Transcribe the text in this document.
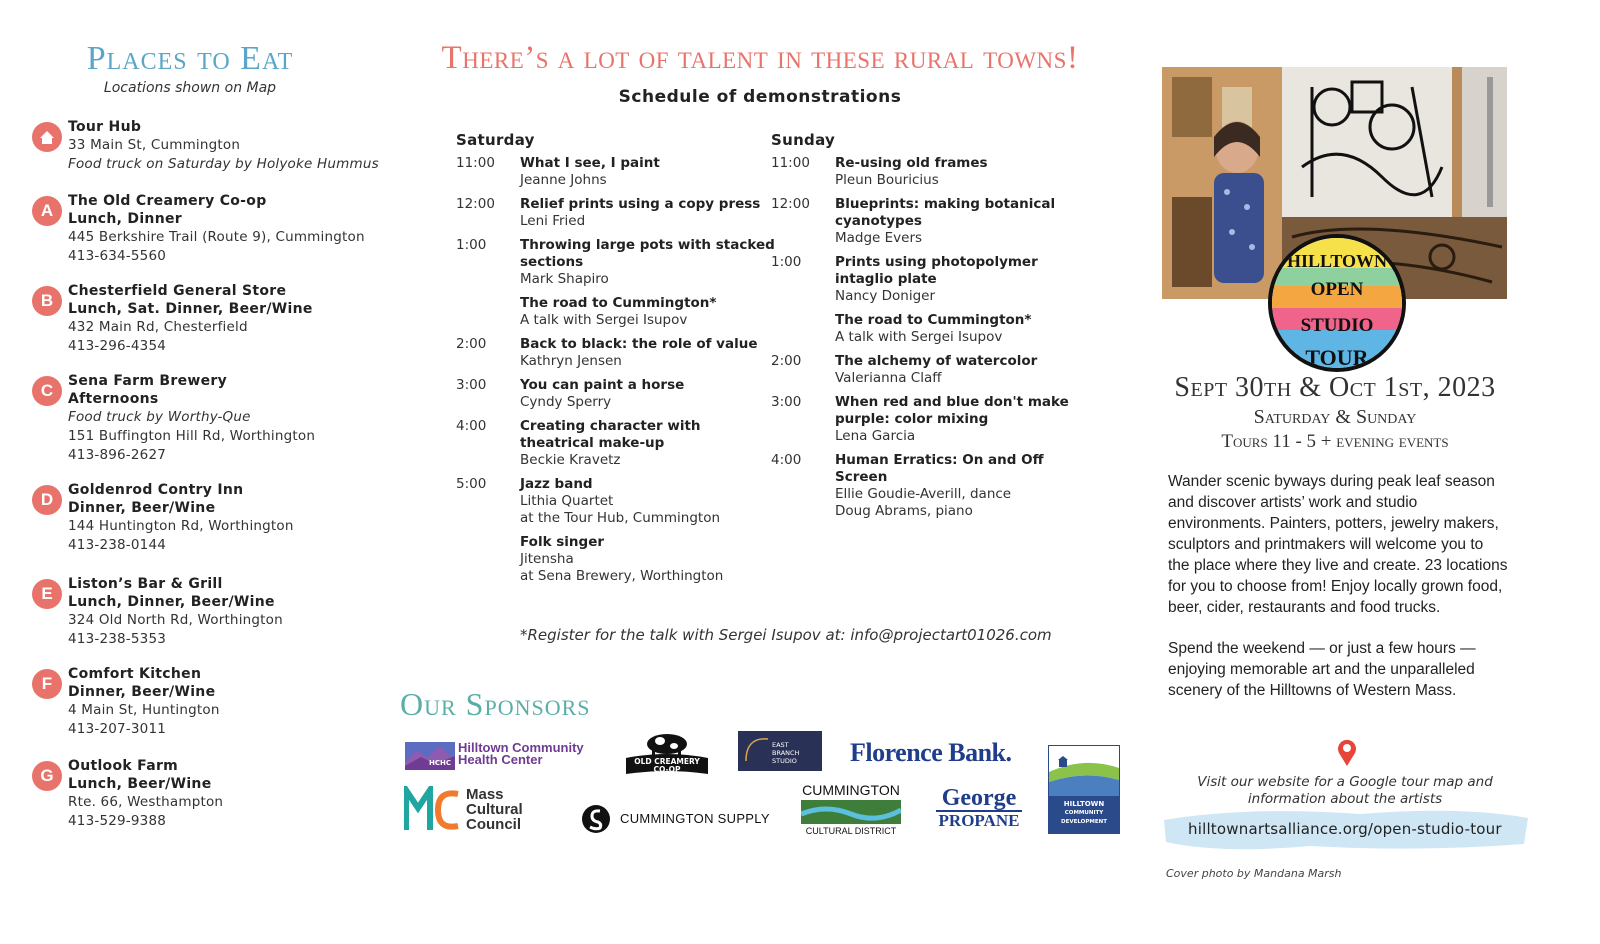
Places to Eat
Locations shown on Map
Tour Hub
33 Main St, Cummington
Food truck on Saturday by Holyoke Hummus
A	The Old Creamery Co-op
Lunch, Dinner
445 Berkshire Trail (Route 9), Cummington
413-634-5560
B	Chesterfield General Store
Lunch, Sat. Dinner, Beer/Wine
432 Main Rd, Chesterfield
413-296-4354
C	Sena Farm Brewery
Afternoons
Food truck by Worthy-Que
151 Buffington Hill Rd, Worthington
413-896-2627
D	Goldenrod Contry Inn
Dinner, Beer/Wine
144 Huntington Rd, Worthington
413-238-0144
E	Liston’s Bar & Grill
Lunch, Dinner, Beer/Wine
324 Old North Rd, Worthington
413-238-5353
F	Comfort Kitchen
Dinner, Beer/Wine
4 Main St, Huntington
413-207-3011
G	Outlook Farm
Lunch, Beer/Wine
Rte. 66, Westhampton
413-529-9388
There’s a lot of talent in these rural towns!
Schedule of demonstrations
Saturday
11:00	What I see, I paint
Jeanne Johns
12:00	Relief prints using a copy press
Leni Fried
1:00	Throwing large pots with stacked sections
Mark Shapiro
The road to Cummington*
A talk with Sergei Isupov
2:00	Back to black: the role of value
Kathryn Jensen
3:00	You can paint a horse
Cyndy Sperry
4:00	Creating character with theatrical make-up
Beckie Kravetz
5:00	Jazz band
Lithia Quartet
at the Tour Hub, Cummington
Folk singer
Jitensha
at Sena Brewery, Worthington
Sunday
11:00	Re-using old frames
Pleun Bouricius
12:00	Blueprints: making botanical cyanotypes
Madge Evers
1:00	Prints using photopolymer intaglio plate
Nancy Doniger
The road to Cummington*
A talk with Sergei Isupov
2:00	The alchemy of watercolor
Valerianna Claff
3:00	When red and blue don't make purple: color mixing
Lena Garcia
4:00	Human Erratics: On and Off Screen
Ellie Goudie-Averill, dance
Doug Abrams, piano
*Register for the talk with Sergei Isupov at: info@projectart01026.com
Our Sponsors
HCHC
Hilltown Community
Health Center	OLD CREAMERY CO-OP
EAST
BRANCH
STUDIO Florence Bank.
HILLTOWN
COMMUNITY
DEVELOPMENT
Mass
Cultural
Council	CUMMINGTON SUPPLY
CUMMINGTON
CULTURAL DISTRICT
George
PROPANE
HILLTOWN
OPEN STUDIO
TOUR
Sept 30th & Oct 1st, 2023
Saturday & Sunday
Tours 11 - 5 + evening events

Wander scenic byways during peak leaf season and discover artists’ work and studio environments. Painters, potters, jewelry makers, sculptors and printmakers will welcome you to the place where they live and create. 23 locations for you to choose from! Enjoy locally grown food, beer, cider, restaurants and food trucks.

Spend the weekend — or just a few hours — enjoying memorable art and the unparalleled scenery of the Hilltowns of Western Mass.

Visit our website for a Google tour map and information about the artists
hilltownartsalliance.org/open-studio-tour
Cover photo by Mandana Marsh
